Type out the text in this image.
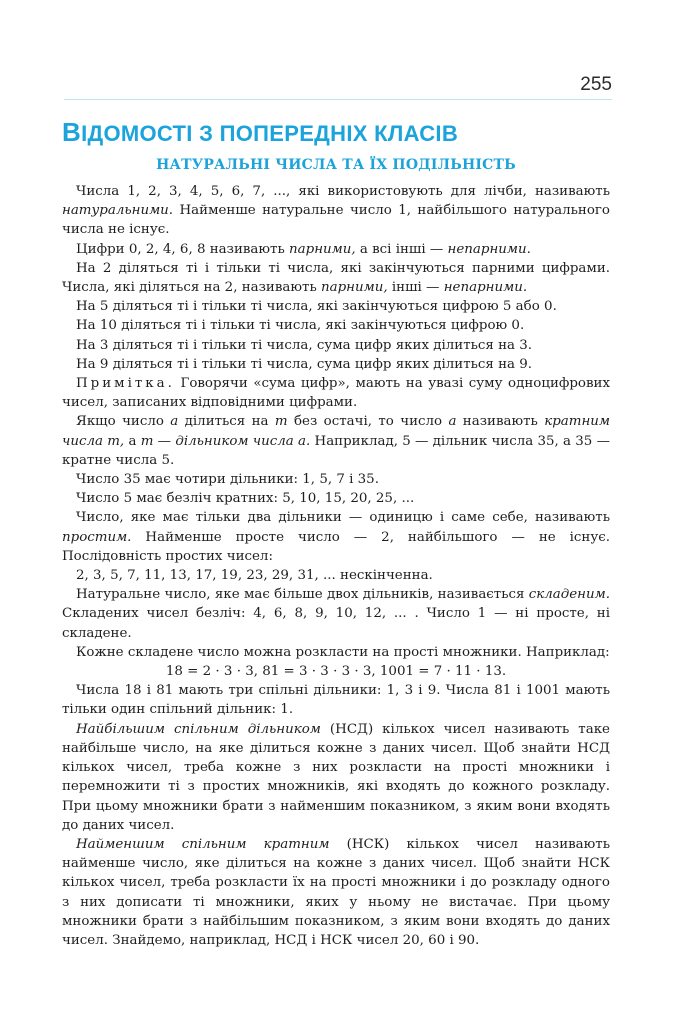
255
ВІДОМОСТІ З ПОПЕРЕДНІХ КЛАСІВ
НАТУРАЛЬНІ ЧИСЛА ТА ЇХ ПОДІЛЬНІСТЬ

Числа 1, 2, 3, 4, 5, 6, 7, ..., які використовують для лічби, називають натуральними. Найменше натуральне число 1, найбільшого натурального числа не існує.

Цифри 0, 2, 4, 6, 8 називають парними, а всі інші — непарними.

На 2 діляться ті і тільки ті числа, які закінчуються парними цифрами. Числа, які діляться на 2, називають парними, інші — непарними.

На 5 діляться ті і тільки ті числа, які закінчуються цифрою 5 або 0.

На 10 діляться ті і тільки ті числа, які закінчуються цифрою 0.

На 3 діляться ті і тільки ті числа, сума цифр яких ділиться на 3.

На 9 діляться ті і тільки ті числа, сума цифр яких ділиться на 9.

Примітка. Говорячи «сума цифр», мають на увазі суму одноцифрових чисел, записаних відповідними цифрами.

Якщо число a ділиться на m без остачі, то число a називають кратним числа m, а m — дільником числа a. Наприклад, 5 — дільник числа 35, а 35 — кратне числа 5.

Число 35 має чотири дільники: 1, 5, 7 і 35.

Число 5 має безліч кратних: 5, 10, 15, 20, 25, ...

Число, яке має тільки два дільники — одиницю і саме себе, називають простим. Найменше просте число — 2, найбільшого — не існує. Послідовність простих чисел:

2, 3, 5, 7, 11, 13, 17, 19, 23, 29, 31, ... нескінченна.

Натуральне число, яке має більше двох дільників, називається складеним. Складених чисел безліч: 4, 6, 8, 9, 10, 12, ... . Число 1 — ні просте, ні складене.

Кожне складене число можна розкласти на прості множники. Наприклад:

18 = 2 · 3 · 3, 81 = 3 · 3 · 3 · 3, 1001 = 7 · 11 · 13.

Числа 18 і 81 мають три спільні дільники: 1, 3 і 9. Числа 81 і 1001 мають тільки один спільний дільник: 1.

Найбільшим спільним дільником (НСД) кількох чисел називають таке найбільше число, на яке ділиться кожне з даних чисел. Щоб знайти НСД кількох чисел, треба кожне з них розкласти на прості множники і перемножити ті з простих множників, які входять до кожного розкладу. При цьому множники брати з найменшим показником, з яким вони входять до даних чисел.

Найменшим спільним кратним (НСК) кількох чисел називають найменше число, яке ділиться на кожне з даних чисел. Щоб знайти НСК кількох чисел, треба розкласти їх на прості множники і до розкладу одного з них дописати ті множники, яких у ньому не вистачає. При цьому множники брати з найбільшим показником, з яким вони входять до даних чисел. Знайдемо, наприклад, НСД і НСК чисел 20, 60 і 90.
